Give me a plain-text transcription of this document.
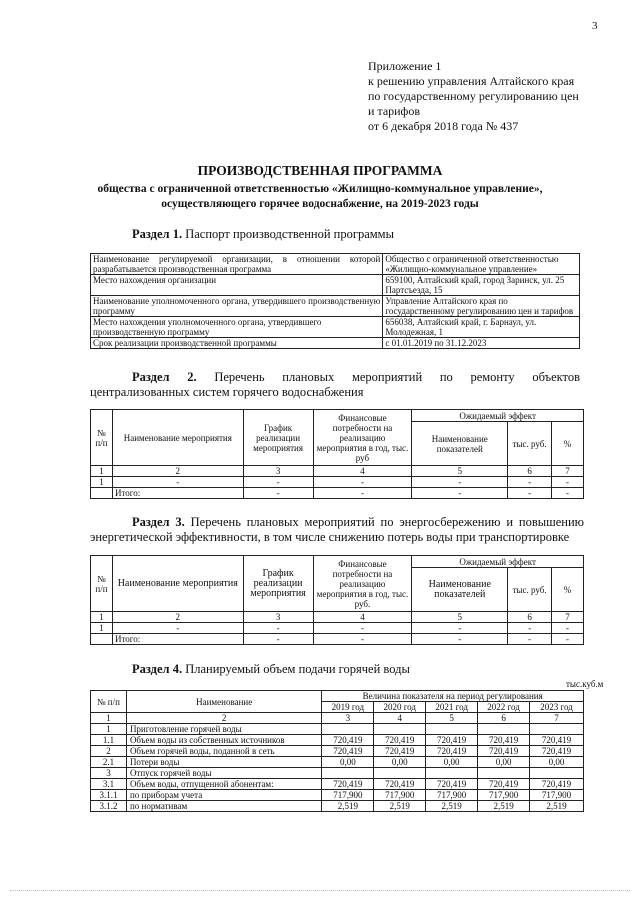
3
Приложение 1
к решению управления Алтайского края
по государственному регулированию цен
и тарифов
от 6 декабря 2018 года № 437
ПРОИЗВОДСТВЕННАЯ ПРОГРАММА
общества с ограниченной ответственностью «Жилищно-коммунальное управление»,
осуществляющего горячее водоснабжение, на 2019-2023 годы
Раздел 1. Паспорт производственной программы
Наименование регулируемой организации, в отношении которой разрабатывается производственная программа	Общество с ограниченной ответственностью «Жилищно-коммунальное управление»
Место нахождения организации	659100, Алтайский край, город Заринск, ул. 25 Партсъезда, 15
Наименование уполномоченного органа, утвердившего производственную программу	Управление Алтайского края по государственному регулированию цен и тарифов
Место нахождения уполномоченного органа, утвердившего производственную программу	656038, Алтайский край, г. Барнаул, ул. Молодежная, 1
Срок реализации производственной программы	с 01.01.2019 по 31.12.2023
Раздел 2. Перечень плановых мероприятий по ремонту объектов централизованных систем горячего водоснабжения
№ п/п	Наименование мероприятия	График реализации мероприятия	Финансовые потребности на реализацию мероприятия в год, тыс. руб	Ожидаемый эффект		
				Наименование показателей	тыс. руб.	%
1	2	3	4	5	6	7
1	-	-	-	-	-	-
	Итого:	-	-	-	-	-
Раздел 3. Перечень плановых мероприятий по энергосбережению и повышению энергетической эффективности, в том числе снижению потерь воды при транспортировке
№ п/п	Наименование мероприятия	График реализации мероприятия	Финансовые потребности на реализацию мероприятия в год, тыс. руб.	Ожидаемый эффект		
				Наименование показателей	тыс. руб.	%
1	2	3	4	5	6	7
1	-	-	-	-	-	-
	Итого:	-	-	-	-	-
Раздел 4. Планируемый объем подачи горячей воды
тыс.куб.м
№ п/п	Наименование	Величина показателя на период регулирования				
		2019 год	2020 год	2021 год	2022 год	2023 год
1	2	3	4	5	6	7
1	Приготовление горячей воды					
1.1	Объем воды из собственных источников	720,419	720,419	720,419	720,419	720,419
2	Объем горячей воды, поданной в сеть	720,419	720,419	720,419	720,419	720,419
2.1	Потери воды	0,00	0,00	0,00	0,00	0,00
3	Отпуск горячей воды					
3.1	Объем воды, отпущенной абонентам:	720,419	720,419	720,419	720,419	720,419
3.1.1	по приборам учета	717,900	717,900	717,900	717,900	717,900
3.1.2	по нормативам	2,519	2,519	2,519	2,519	2,519
